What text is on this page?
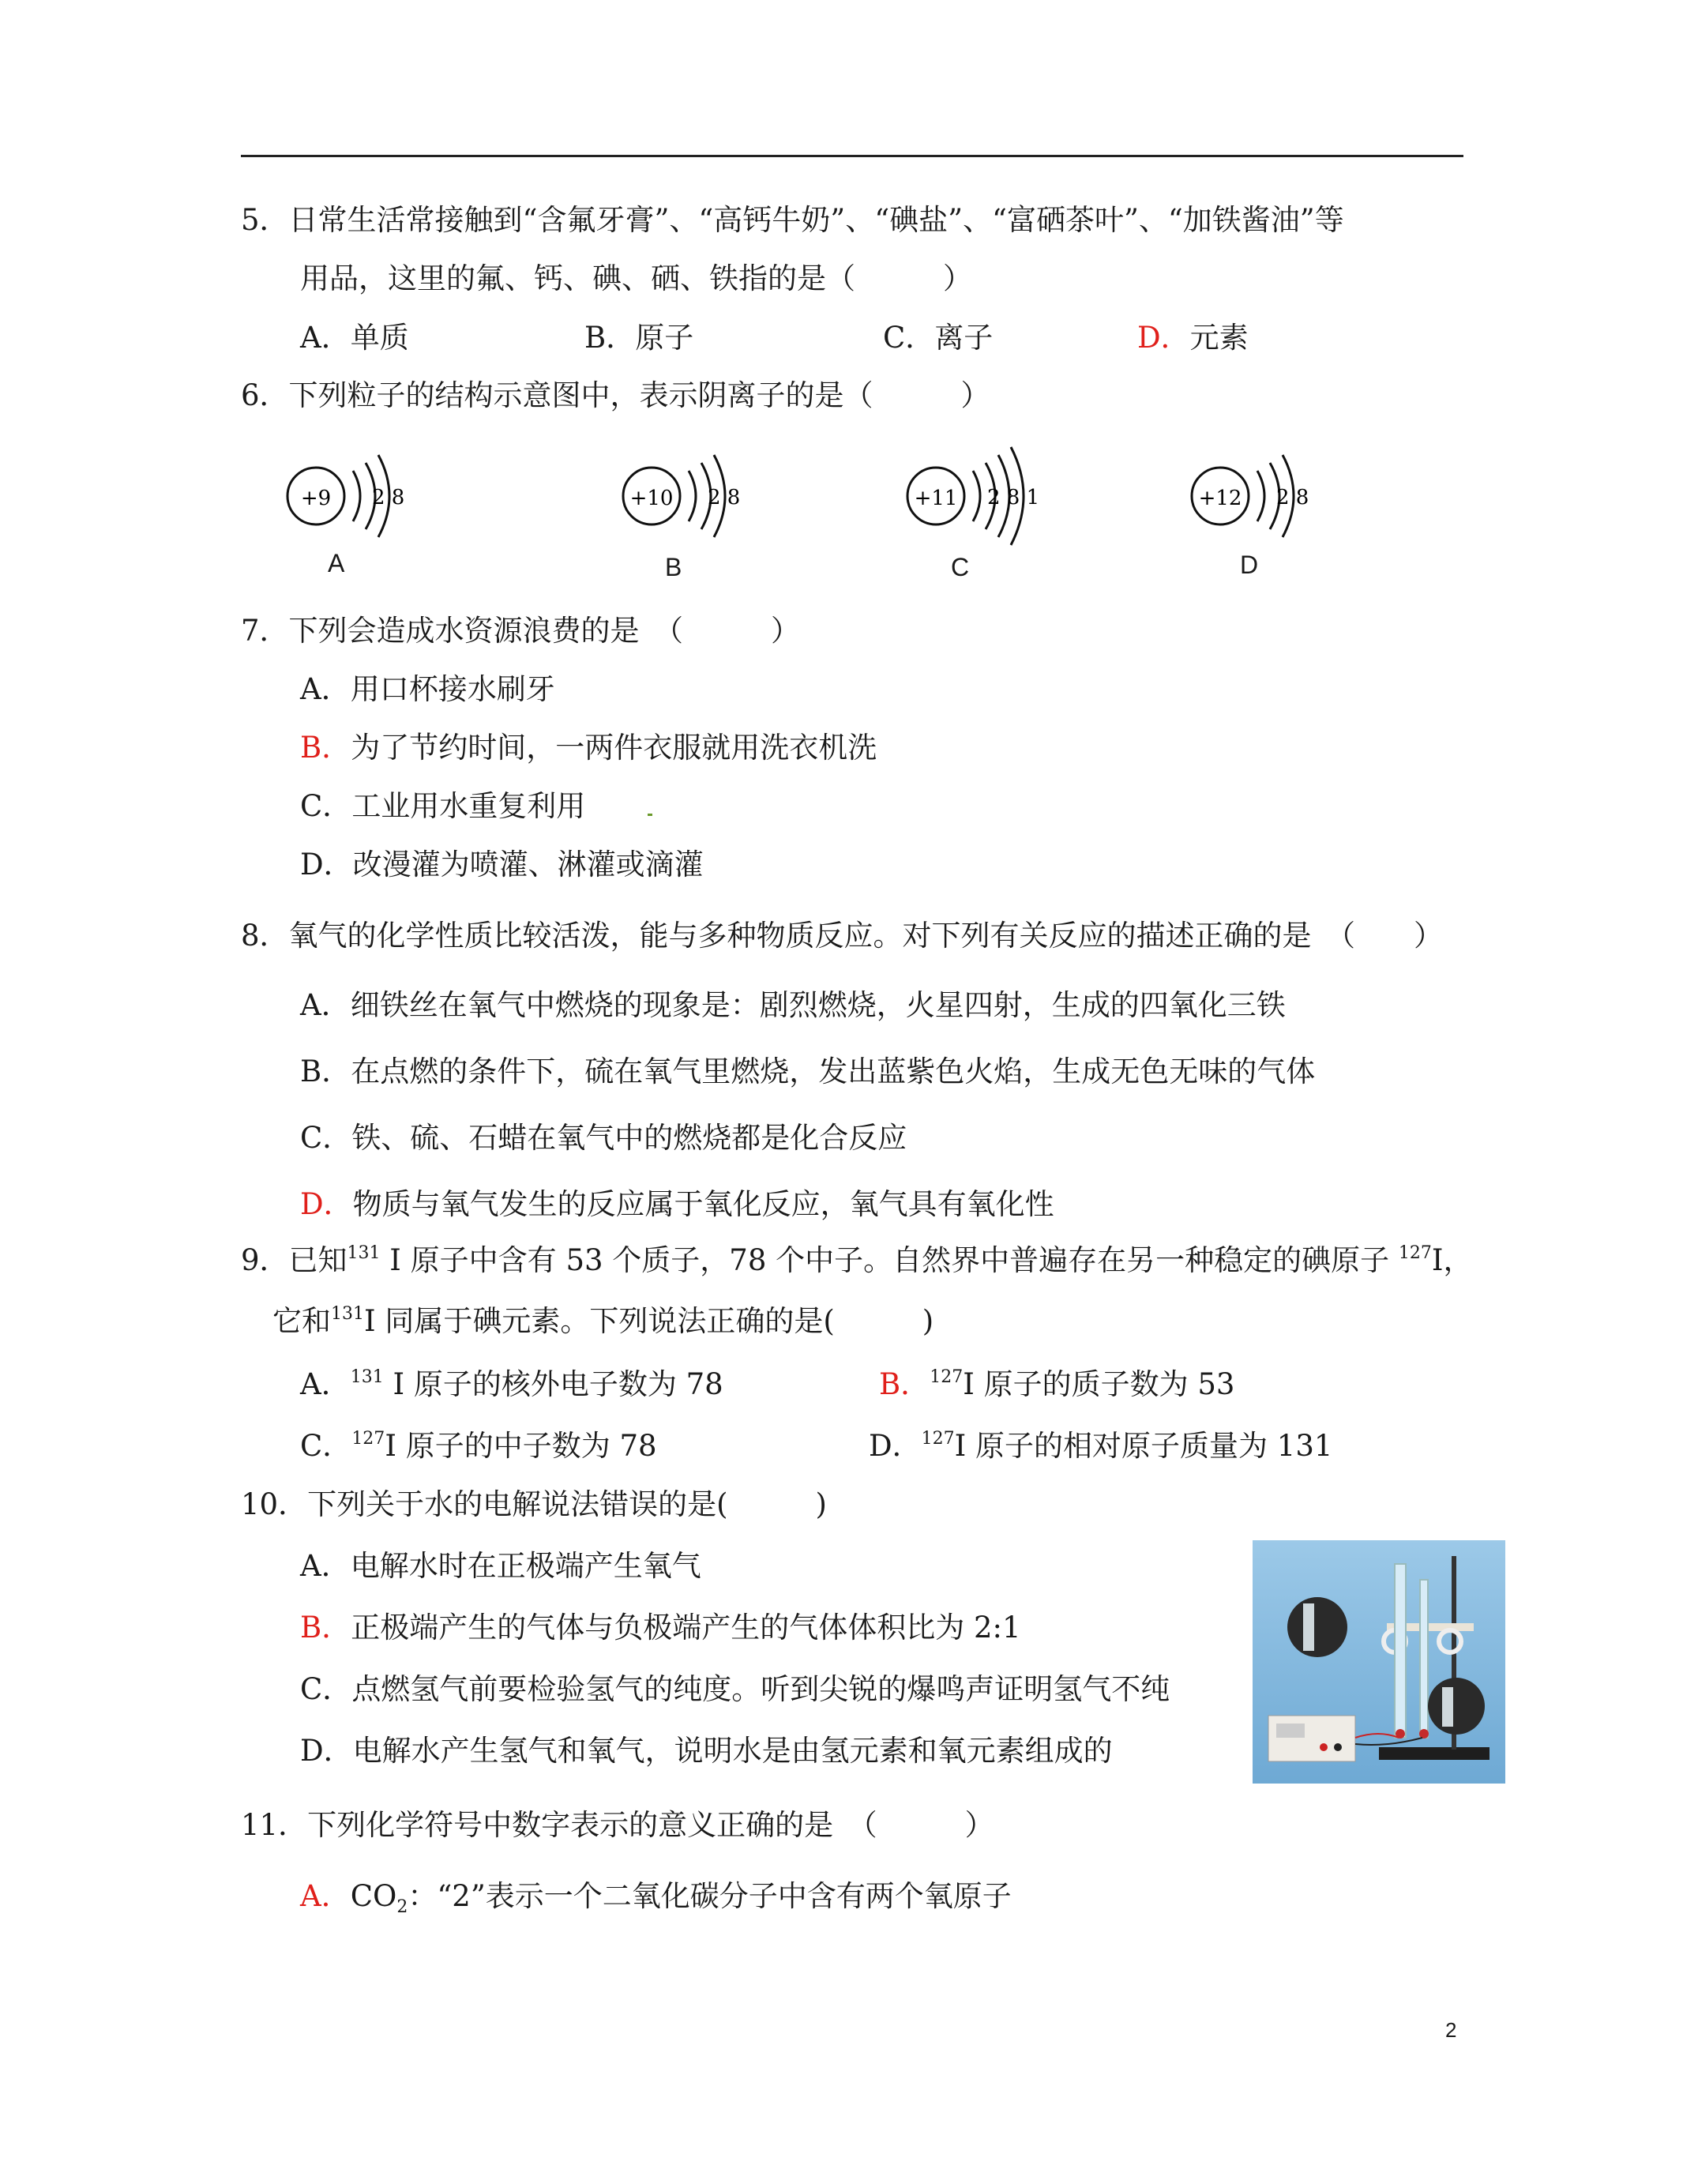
5．日常生活常接触到“含氟牙膏”、“高钙牛奶”、“碘盐”、“富硒茶叶”、“加铁酱油”等
用品，这里的氟、钙、碘、硒、铁指的是（　　　）
A．单质	B．原子	C．离子	D．元素
6．下列粒子的结构示意图中，表示阴离子的是（　　　）
+9 2 8
A
+10 2 8
B
+11 2 8 1
C
+12 2 8
D
7．下列会造成水资源浪费的是　（　　　）
A．用口杯接水刷牙
B．为了节约时间，一两件衣服就用洗衣机洗
C．工业用水重复利用
D．改漫灌为喷灌、淋灌或滴灌
8．氧气的化学性质比较活泼，能与多种物质反应。对下列有关反应的描述正确的是　（　　）
A．细铁丝在氧气中燃烧的现象是：剧烈燃烧，火星四射，生成的四氧化三铁
B．在点燃的条件下，硫在氧气里燃烧，发出蓝紫色火焰，生成无色无味的气体
C．铁、硫、石蜡在氧气中的燃烧都是化合反应
D．物质与氧气发生的反应属于氧化反应，氧气具有氧化性
9．已知$^{131}$ I 原子中含有 53 个质子，78 个中子。自然界中普遍存在另一种稳定的碘原子 $^{127}$I，
它和$^{131}$I 同属于碘元素。下列说法正确的是(　　　)
A．$^{131}$ I 原子的核外电子数为 78	B．$^{127}$I 原子的质子数为 53
C．$^{127}$I 原子的中子数为 78	D．$^{127}$I 原子的相对原子质量为 131
10．下列关于水的电解说法错误的是(　　　)
A．电解水时在正极端产生氧气
B．正极端产生的气体与负极端产生的气体体积比为 2:1
C．点燃氢气前要检验氢气的纯度。听到尖锐的爆鸣声证明氢气不纯
D．电解水产生氢气和氧气，说明水是由氢元素和氧元素组成的
11．下列化学符号中数字表示的意义正确的是　（　　　）
A．$CO_2$：“2”表示一个二氧化碳分子中含有两个氧原子
2
